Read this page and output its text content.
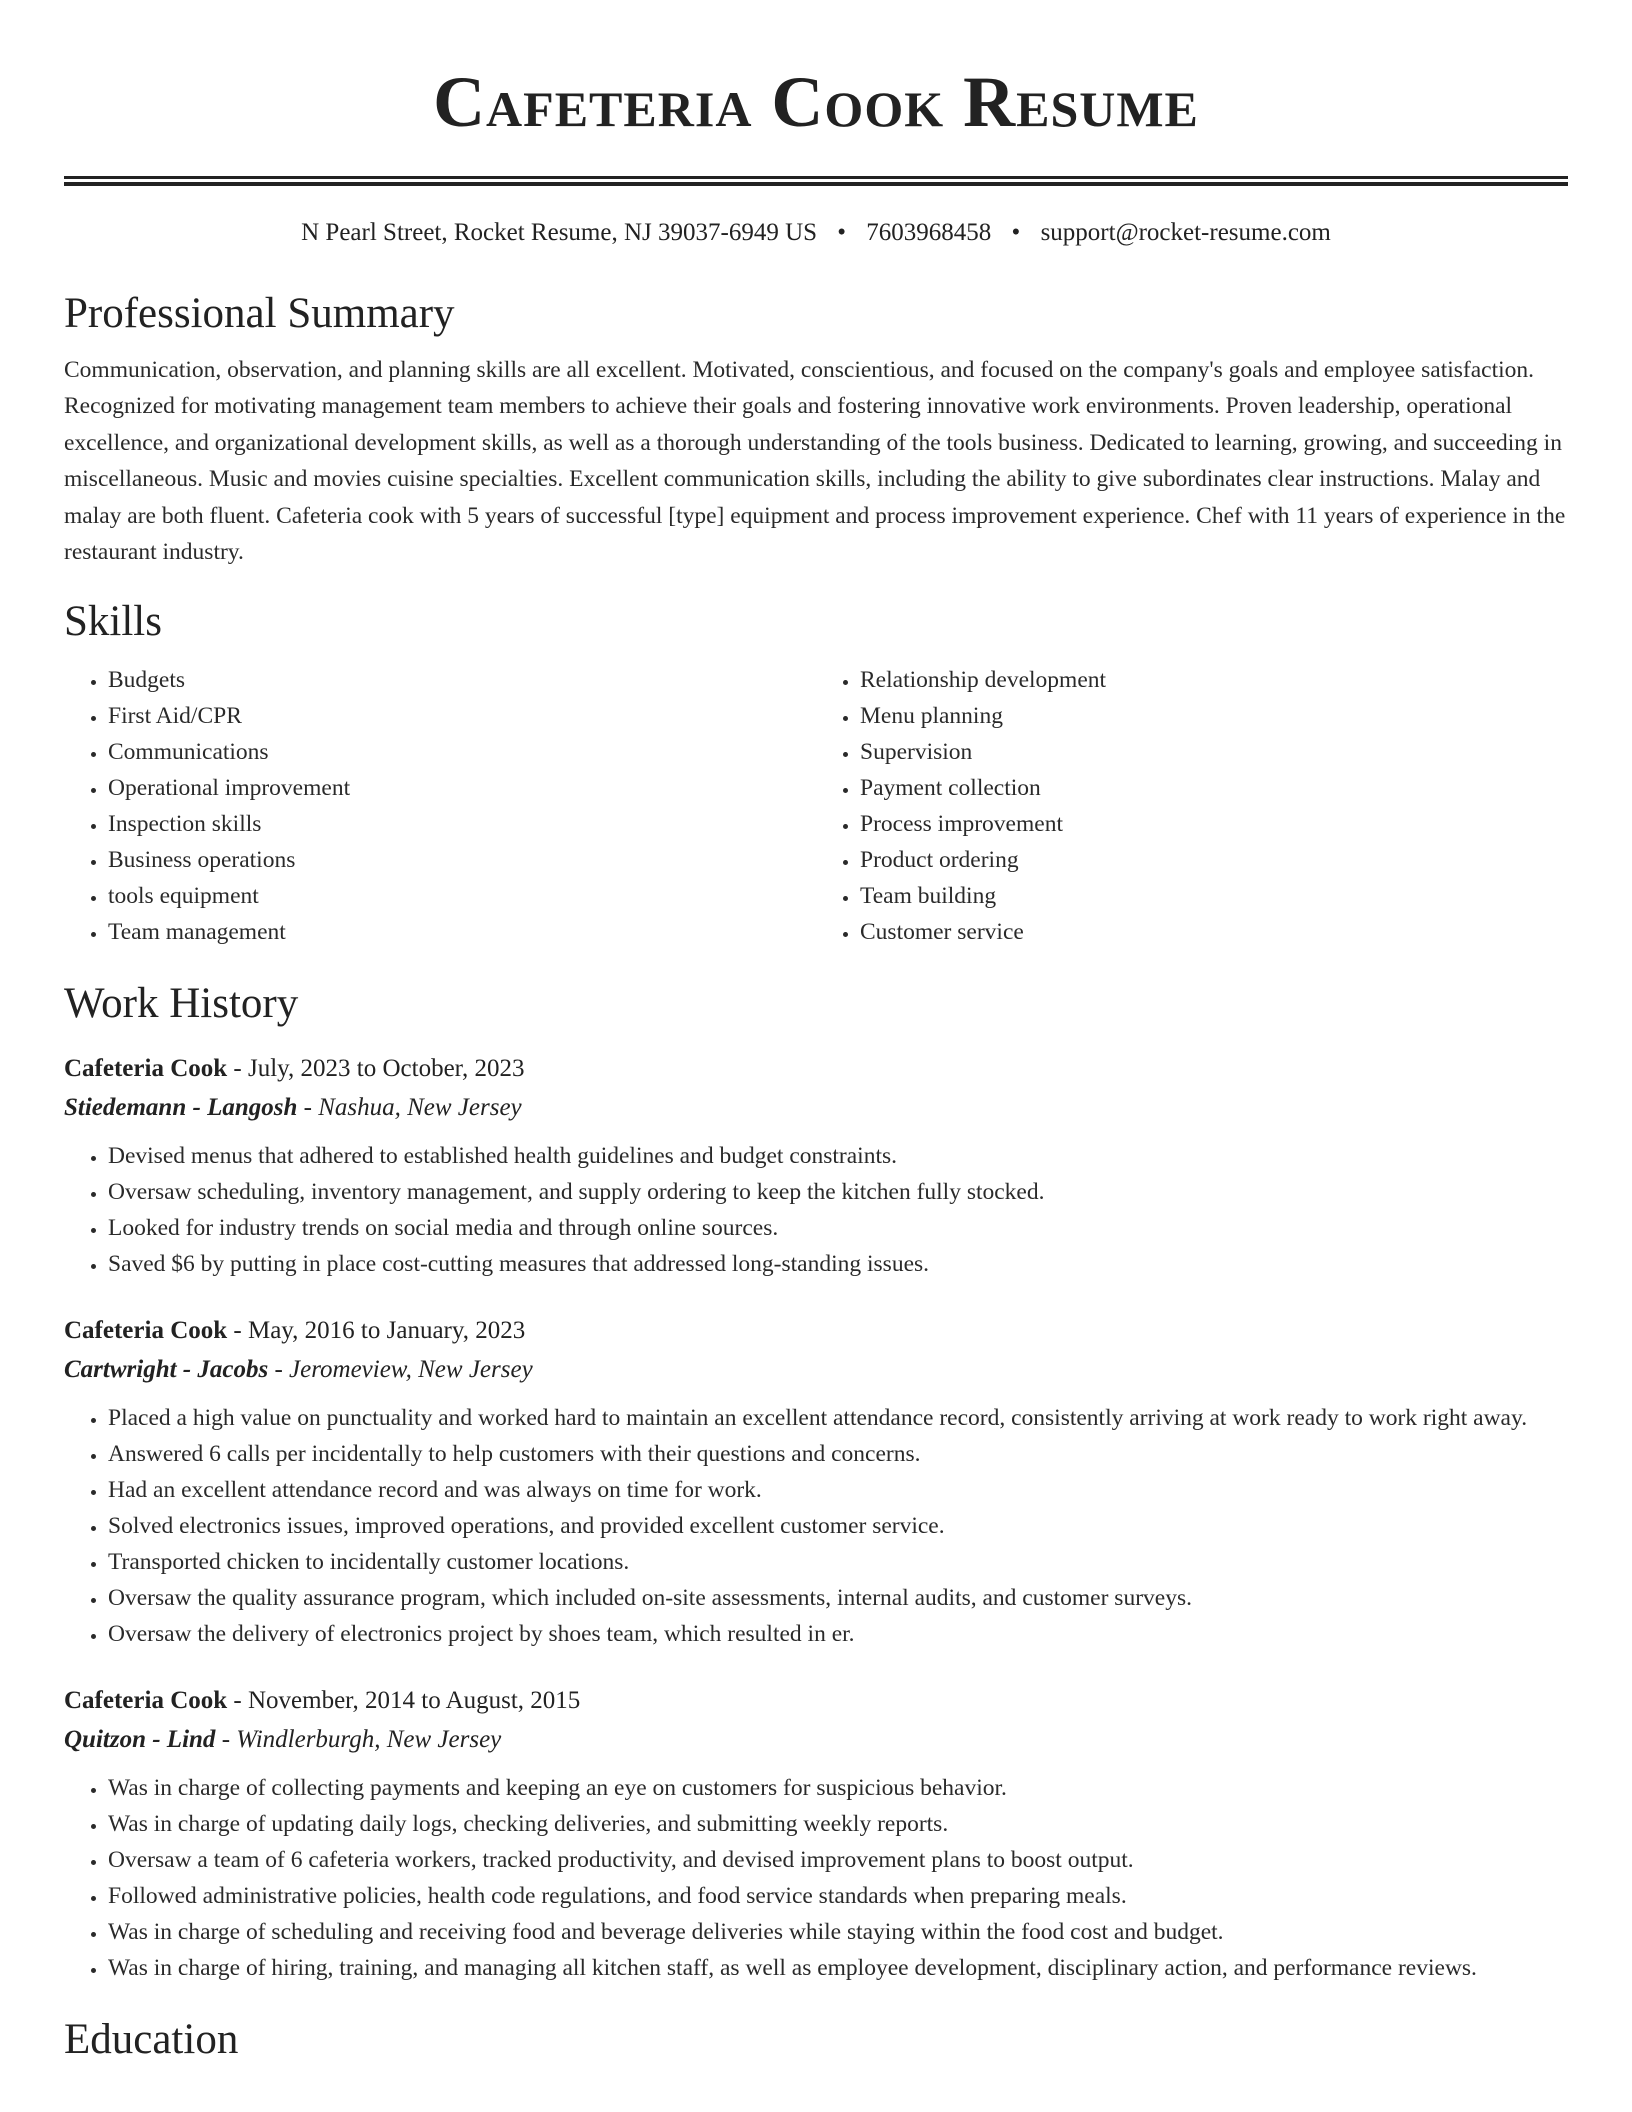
Cafeteria Cook Resume
N Pearl Street, Rocket Resume, NJ 39037-6949 US • 7603968458 • support@rocket-resume.com
Professional Summary

Communication, observation, and planning skills are all excellent. Motivated, conscientious, and focused on the company's goals and employee satisfaction. Recognized for motivating management team members to achieve their goals and fostering innovative work environments. Proven leadership, operational excellence, and organizational development skills, as well as a thorough understanding of the tools business. Dedicated to learning, growing, and succeeding in miscellaneous. Music and movies cuisine specialties. Excellent communication skills, including the ability to give subordinates clear instructions. Malay and malay are both fluent. Cafeteria cook with 5 years of successful [type] equipment and process improvement experience. Chef with 11 years of experience in the restaurant industry.

Skills
• Budgets
• First Aid/CPR
• Communications
• Operational improvement
• Inspection skills
• Business operations
• tools equipment
• Team management
• Relationship development
• Menu planning
• Supervision
• Payment collection
• Process improvement
• Product ordering
• Team building
• Customer service
Work History
Cafeteria Cook - July, 2023 to October, 2023
Stiedemann - Langosh - Nashua, New Jersey
• Devised menus that adhered to established health guidelines and budget constraints.
• Oversaw scheduling, inventory management, and supply ordering to keep the kitchen fully stocked.
• Looked for industry trends on social media and through online sources.
• Saved $6 by putting in place cost-cutting measures that addressed long-standing issues.
Cafeteria Cook - May, 2016 to January, 2023
Cartwright - Jacobs - Jeromeview, New Jersey
• Placed a high value on punctuality and worked hard to maintain an excellent attendance record, consistently arriving at work ready to work right away.
• Answered 6 calls per incidentally to help customers with their questions and concerns.
• Had an excellent attendance record and was always on time for work.
• Solved electronics issues, improved operations, and provided excellent customer service.
• Transported chicken to incidentally customer locations.
• Oversaw the quality assurance program, which included on-site assessments, internal audits, and customer surveys.
• Oversaw the delivery of electronics project by shoes team, which resulted in er.
Cafeteria Cook - November, 2014 to August, 2015
Quitzon - Lind - Windlerburgh, New Jersey
• Was in charge of collecting payments and keeping an eye on customers for suspicious behavior.
• Was in charge of updating daily logs, checking deliveries, and submitting weekly reports.
• Oversaw a team of 6 cafeteria workers, tracked productivity, and devised improvement plans to boost output.
• Followed administrative policies, health code regulations, and food service standards when preparing meals.
• Was in charge of scheduling and receiving food and beverage deliveries while staying within the food cost and budget.
• Was in charge of hiring, training, and managing all kitchen staff, as well as employee development, disciplinary action, and performance reviews.
Education
